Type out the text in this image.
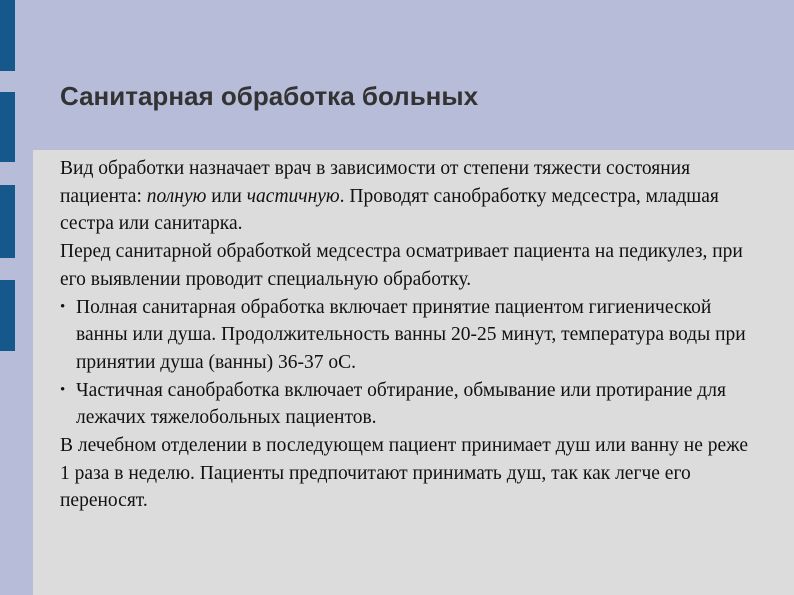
Санитарная обработка больных

Вид обработки назначает врач в зависимости от степени тяжести состояния пациента: полную или частичную. Проводят санобработку медсестра, младшая сестра или санитарка.

Перед санитарной обработкой медсестра осматривает пациента на педикулез, при его выявлении проводит специальную обработку.

• Полная санитарная обработка включает принятие пациентом гигиенической ванны или душа. Продолжительность ванны 20-25 минут, температура воды при принятии душа (ванны) 36-37 оС.

• Частичная санобработка включает обтирание, обмывание или протирание для лежачих тяжелобольных пациентов.

В лечебном отделении в последующем пациент принимает душ или ванну не реже 1 раза в неделю. Пациенты предпочитают принимать душ, так как легче его переносят.
